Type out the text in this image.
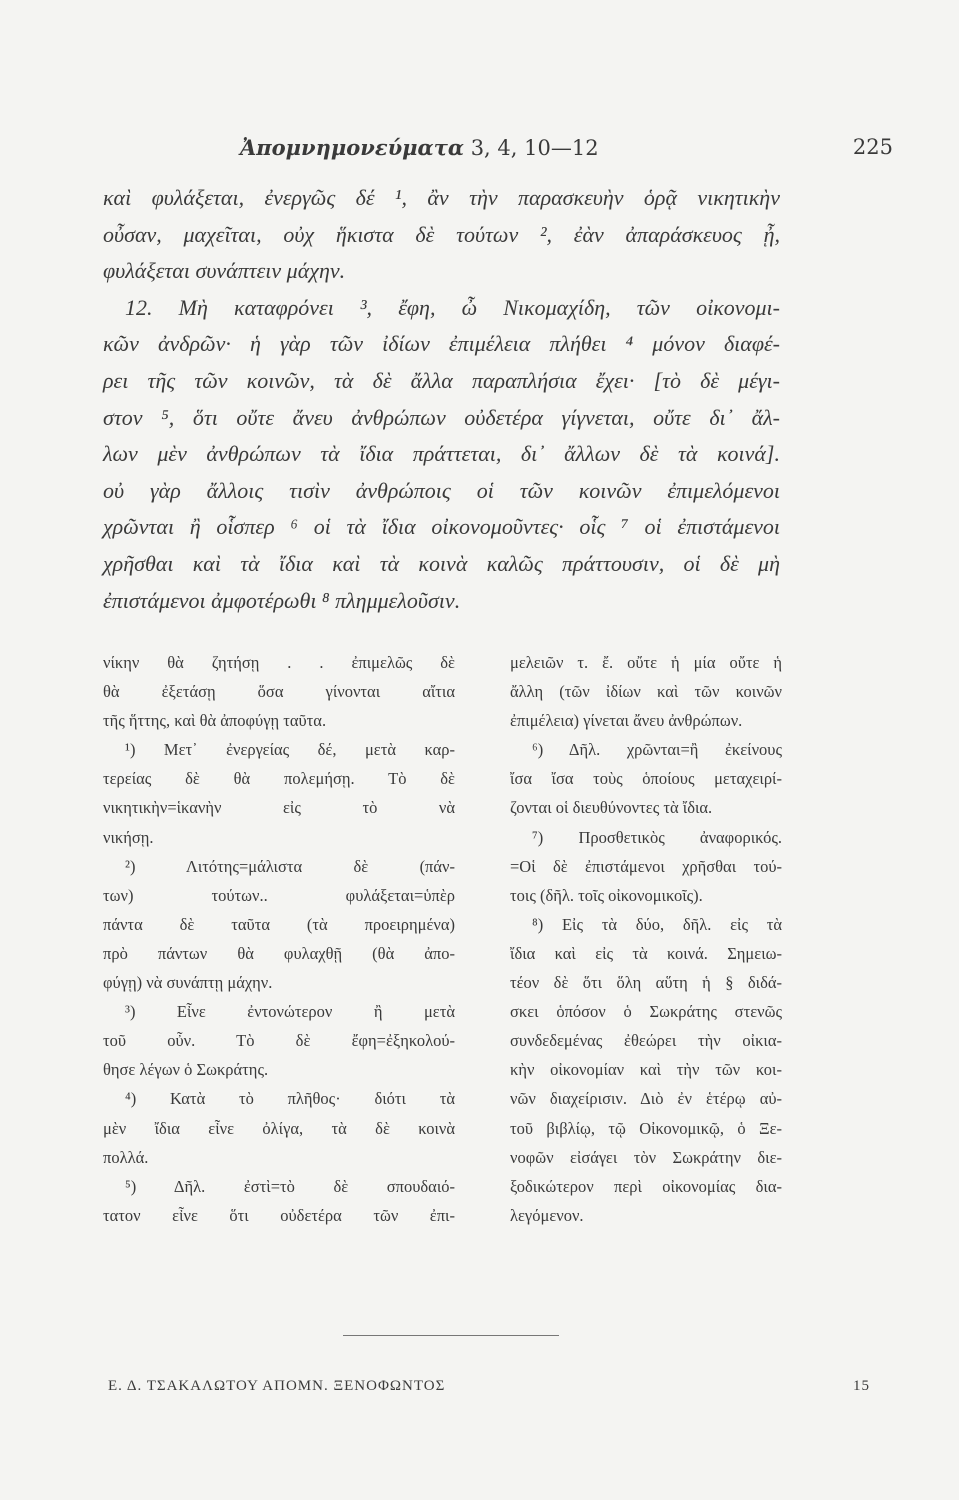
Ἀπομνημονεύματα 3, 4, 10—12	225
καὶ φυλάξεται, ἐνεργῶς δέ ¹, ἂν τὴν παρασκευὴν ὁρᾷ νικητικὴν
οὖσαν, μαχεῖται, οὐχ ἥκιστα δὲ τούτων ², ἐὰν ἀπαράσκευος ᾖ,
φυλάξεται συνάπτειν μάχην.
12. Μὴ καταφρόνει ³, ἔφη, ὦ Νικομαχίδη, τῶν οἰκονομι-
κῶν ἀνδρῶν· ἡ γὰρ τῶν ἰδίων ἐπιμέλεια πλήθει ⁴ μόνον διαφέ-
ρει τῆς τῶν κοινῶν, τὰ δὲ ἄλλα παραπλήσια ἔχει· [τὸ δὲ μέγι-
στον ⁵, ὅτι οὔτε ἄνευ ἀνθρώπων οὐδετέρα γίγνεται, οὔτε δι᾽ ἄλ-
λων μὲν ἀνθρώπων τὰ ἴδια πράττεται, δι᾽ ἄλλων δὲ τὰ κοινά].
οὐ γὰρ ἄλλοις τισὶν ἀνθρώποις οἱ τῶν κοινῶν ἐπιμελόμενοι
χρῶνται ἢ οἷσπερ ⁶ οἱ τὰ ἴδια οἰκονομοῦντες· οἷς ⁷ οἱ ἐπιστάμενοι
χρῆσθαι καὶ τὰ ἴδια καὶ τὰ κοινὰ καλῶς πράττουσιν, οἱ δὲ μὴ
ἐπιστάμενοι ἀμφοτέρωθι ⁸ πλημμελοῦσιν.
νίκην θὰ ζητήσῃ . . ἐπιμελῶς δὲ
θὰ ἐξετάσῃ ὅσα γίνονται αἴτια
τῆς ἥττης, καὶ θὰ ἀποφύγῃ ταῦτα.
¹) Μετ᾽ ἐνεργείας δέ, μετὰ καρ-
τερείας δὲ θὰ πολεμήσῃ. Τὸ δὲ
νικητικὴν=ἱκανὴν εἰς τὸ νὰ
νικήσῃ.
²) Λιτότης=μάλιστα δὲ (πάν-
των) τούτων.. φυλάξεται=ὑπὲρ
πάντα δὲ ταῦτα (τὰ προειρημένα)
πρὸ πάντων θὰ φυλαχθῇ (θὰ ἀπο-
φύγῃ) νὰ συνάπτῃ μάχην.
³) Εἶνε ἐντονώτερον ἢ μετὰ
τοῦ οὖν. Τὸ δὲ ἔφη=ἐξηκολού-
θησε λέγων ὁ Σωκράτης.
⁴) Κατὰ τὸ πλῆθος· διότι τὰ
μὲν ἴδια εἶνε ὀλίγα, τὰ δὲ κοινὰ
πολλά.
⁵) Δῆλ. ἐστὶ=τὸ δὲ σπουδαιό-
τατον εἶνε ὅτι οὐδετέρα τῶν ἐπι-
μελειῶν τ. ἔ. οὔτε ἡ μία οὔτε ἡ
ἄλλη (τῶν ἰδίων καὶ τῶν κοινῶν
ἐπιμέλεια) γίνεται ἄνευ ἀνθρώπων.
⁶) Δῆλ. χρῶνται=ἢ ἐκείνους
ἴσα ἴσα τοὺς ὁποίους μεταχειρί-
ζονται οἱ διευθύνοντες τὰ ἴδια.
⁷) Προσθετικὸς ἀναφορικός.
=Οἱ δὲ ἐπιστάμενοι χρῆσθαι τού-
τοις (δῆλ. τοῖς οἰκονομικοῖς).
⁸) Εἰς τὰ δύο, δῆλ. εἰς τὰ
ἴδια καὶ εἰς τὰ κοινά. Σημειω-
τέον δὲ ὅτι ὅλη αὕτη ἡ § διδά-
σκει ὁπόσον ὁ Σωκράτης στενῶς
συνδεδεμένας ἐθεώρει τὴν οἰκια-
κὴν οἰκονομίαν καὶ τὴν τῶν κοι-
νῶν διαχείρισιν. Διὸ ἐν ἑτέρῳ αὐ-
τοῦ βιβλίῳ, τῷ Οἰκονομικῷ, ὁ Ξε-
νοφῶν εἰσάγει τὸν Σωκράτην διε-
ξοδικώτερον περὶ οἰκονομίας δια-
λεγόμενον.
Ε. Δ. ΤΣΑΚΑΛΩΤΟΥ ΑΠΟΜΝ. ΞΕΝΟΦΩΝΤΟΣ	15
